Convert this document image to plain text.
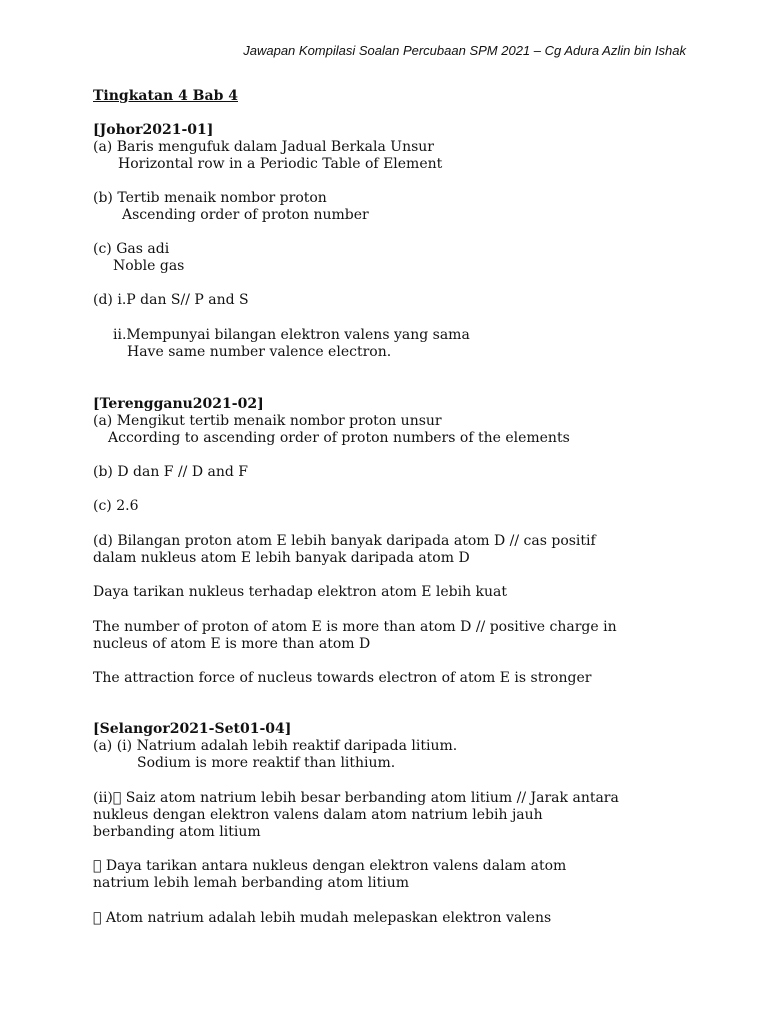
Jawapan Kompilasi Soalan Percubaan SPM 2021 – Cg Adura Azlin bin Ishak

Tingkatan 4 Bab 4

[Johor2021-01]

(a) Baris mengufuk dalam Jadual Berkala Unsur

Horizontal row in a Periodic Table of Element

(b) Tertib menaik nombor proton

Ascending order of proton number

(c) Gas adi

Noble gas

(d) i.P dan S// P and S

ii.Mempunyai bilangan elektron valens yang sama

Have same number valence electron.

[Terengganu2021-02]

(a) Mengikut tertib menaik nombor proton unsur

According to ascending order of proton numbers of the elements

(b) D dan F // D and F

(c) 2.6

(d) Bilangan proton atom E lebih banyak daripada atom D // cas positif

dalam nukleus atom E lebih banyak daripada atom D

Daya tarikan nukleus terhadap elektron atom E lebih kuat

The number of proton of atom E is more than atom D // positive charge in

nucleus of atom E is more than atom D

The attraction force of nucleus towards electron of atom E is stronger

[Selangor2021-Set01-04]

(a) (i) Natrium adalah lebih reaktif daripada litium.

Sodium is more reaktif than lithium.

(ii) Saiz atom natrium lebih besar berbanding atom litium // Jarak antara

nukleus dengan elektron valens dalam atom natrium lebih jauh

berbanding atom litium

Daya tarikan antara nukleus dengan elektron valens dalam atom

natrium lebih lemah berbanding atom litium

Atom natrium adalah lebih mudah melepaskan elektron valens
